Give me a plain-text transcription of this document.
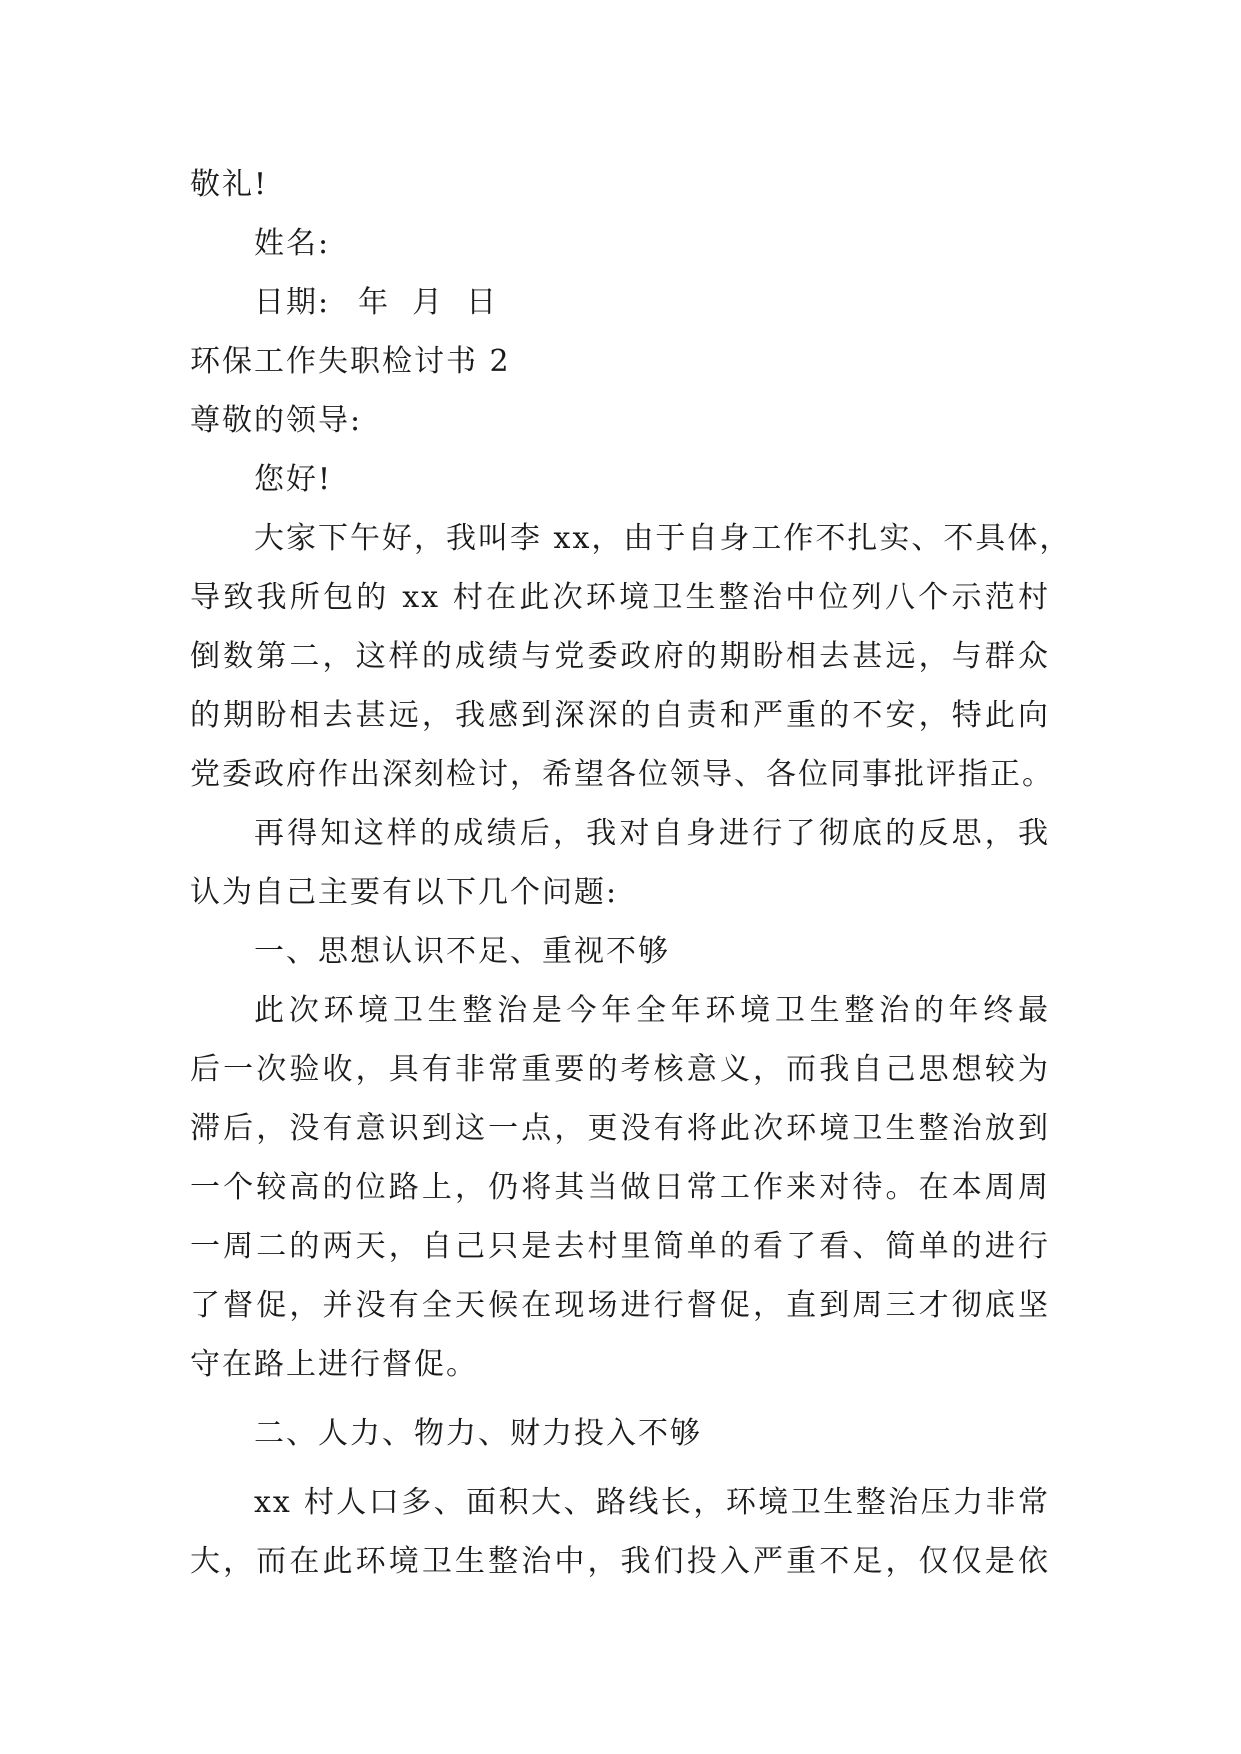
敬礼!
姓名:
日期: 年 月 日
环保工作失职检讨书 2
尊敬的领导:
您好!
大家下午好，我叫李 xx，由于自身工作不扎实、不具体，
导致我所包的 xx 村在此次环境卫生整治中位列八个示范村
倒数第二，这样的成绩与党委政府的期盼相去甚远，与群众
的期盼相去甚远，我感到深深的自责和严重的不安，特此向
党委政府作出深刻检讨，希望各位领导、各位同事批评指正。
再得知这样的成绩后，我对自身进行了彻底的反思，我
认为自己主要有以下几个问题:
一、思想认识不足、重视不够
此次环境卫生整治是今年全年环境卫生整治的年终最
后一次验收，具有非常重要的考核意义，而我自己思想较为
滞后，没有意识到这一点，更没有将此次环境卫生整治放到
一个较高的位路上，仍将其当做日常工作来对待。在本周周
一周二的两天，自己只是去村里简单的看了看、简单的进行
了督促，并没有全天候在现场进行督促，直到周三才彻底坚
守在路上进行督促。
二、人力、物力、财力投入不够
xx 村人口多、面积大、路线长，环境卫生整治压力非常
大，而在此环境卫生整治中，我们投入严重不足，仅仅是依
